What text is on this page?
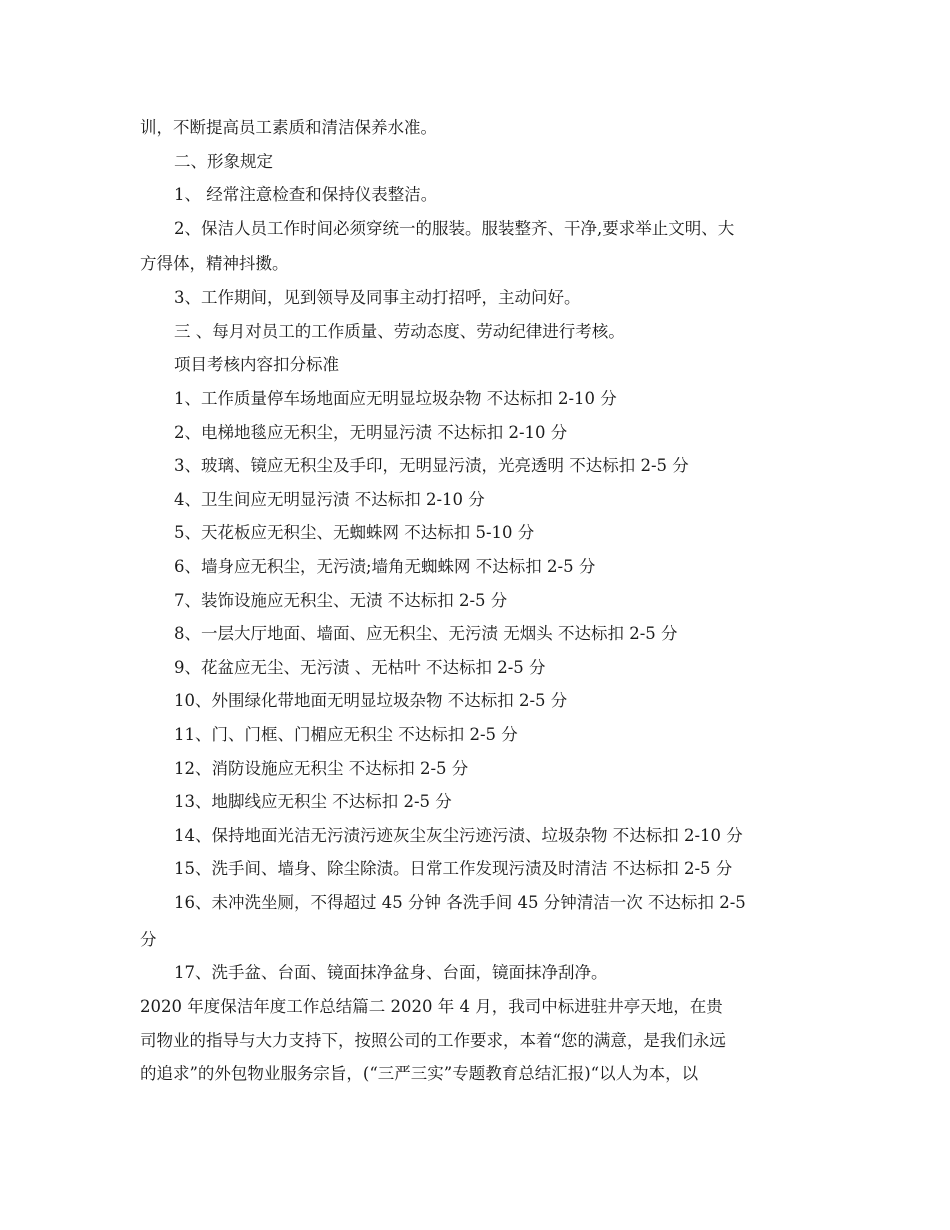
训，不断提高员工素质和清洁保养水准。
二、形象规定
1、 经常注意检查和保持仪表整洁。
2、保洁人员工作时间必须穿统一的服装。服装整齐、干净,要求举止文明、大
方得体，精神抖擞。
3、工作期间，见到领导及同事主动打招呼，主动问好。
三 、每月对员工的工作质量、劳动态度、劳动纪律进行考核。
项目考核内容扣分标准
1、工作质量停车场地面应无明显垃圾杂物 不达标扣 2-10 分
2、电梯地毯应无积尘，无明显污渍 不达标扣 2-10 分
3、玻璃、镜应无积尘及手印，无明显污渍，光亮透明 不达标扣 2-5 分
4、卫生间应无明显污渍 不达标扣 2-10 分
5、天花板应无积尘、无蜘蛛网 不达标扣 5-10 分
6、墙身应无积尘，无污渍;墙角无蜘蛛网 不达标扣 2-5 分
7、装饰设施应无积尘、无渍 不达标扣 2-5 分
8、一层大厅地面、墙面、应无积尘、无污渍 无烟头 不达标扣 2-5 分
9、花盆应无尘、无污渍 、无枯叶 不达标扣 2-5 分
10、外围绿化带地面无明显垃圾杂物 不达标扣 2-5 分
11、门、门框、门楣应无积尘 不达标扣 2-5 分
12、消防设施应无积尘 不达标扣 2-5 分
13、地脚线应无积尘 不达标扣 2-5 分
14、保持地面光洁无污渍污迹灰尘灰尘污迹污渍、垃圾杂物 不达标扣 2-10 分
15、洗手间、墙身、除尘除渍。日常工作发现污渍及时清洁 不达标扣 2-5 分
16、未冲洗坐厕，不得超过 45 分钟 各洗手间 45 分钟清洁一次 不达标扣 2-5
分
17、洗手盆、台面、镜面抹净盆身、台面，镜面抹净刮净。
2020 年度保洁年度工作总结篇二 2020 年 4 月，我司中标进驻井亭天地，在贵
司物业的指导与大力支持下，按照公司的工作要求，本着“您的满意，是我们永远
的追求”的外包物业服务宗旨，(“三严三实”专题教育总结汇报)“以人为本，以
